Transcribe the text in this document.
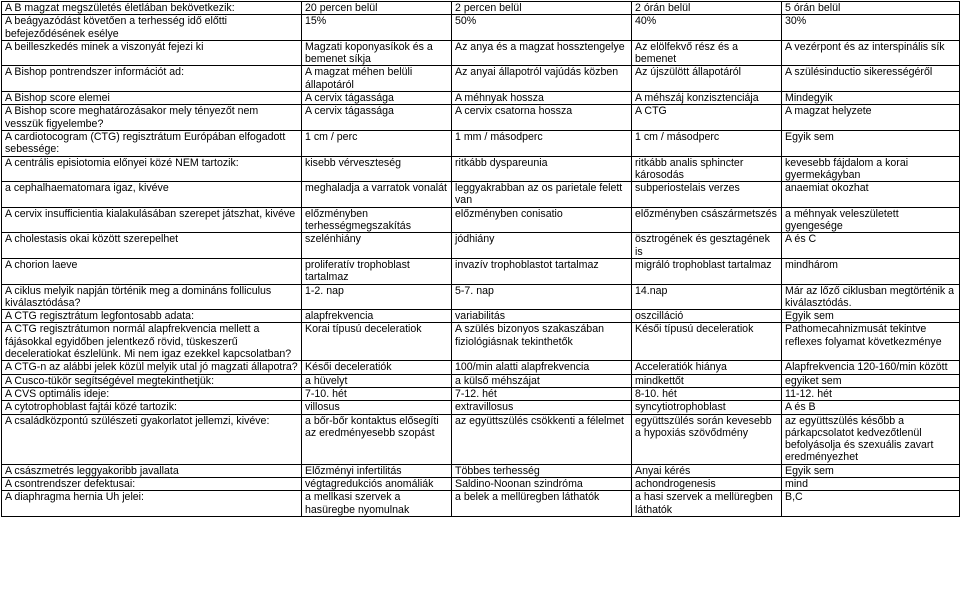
A B magzat megszületés életlában bekövetkezik:	20 percen belül	2 percen belül	2 órán belül	5 órán belül
A beágyazódást követően a terhesség idő előtti befejeződésének esélye	15%	50%	40%	30%
A beilleszkedés minek a viszonyát fejezi ki	Magzati koponyasíkok és a bemenet síkja	Az anya és a magzat hossztengelye	Az elölfekvő rész és a bemenet	A vezérpont és az interspinális sík
A Bishop pontrendszer információt ad:	A magzat méhen belüli állapotáról	Az anyai állapotról vajúdás közben	Az újszülött állapotáról	A szülésinductio sikerességéről
A Bishop score elemei	A cervix tágassága	A méhnyak hossza	A méhszáj konzisztenciája	Mindegyik
A Bishop score meghatározásakor mely tényezőt nem vesszük figyelembe?	A cervix tágassága	A cervix csatorna hossza	A CTG	A magzat helyzete
A cardiotocogram (CTG) regisztrátum Európában elfogadott sebessége:	1 cm / perc	1 mm / másodperc	1 cm / másodperc	Egyik sem
A centrális episiotomia előnyei közé NEM tartozik:	kisebb vérveszteség	ritkább dyspareunia	ritkább analis sphincter károsodás	kevesebb fájdalom a korai gyermekágyban
a cephalhaematomara igaz, kivéve	meghaladja a varratok vonalát	leggyakrabban az os parietale felett van	subperiostelais verzes	anaemiat okozhat
A cervix insufficientia kialakulásában szerepet játszhat, kivéve	előzményben terhességmegszakítás	előzményben conisatio	előzményben császármetszés	a méhnyak veleszületett gyengesége
A cholestasis okai között szerepelhet	szelénhiány	jódhiány	ösztrogének és gesztagének is	A és C
A chorion laeve	proliferatív trophoblast tartalmaz	invazív trophoblastot tartalmaz	migráló trophoblast tartalmaz	mindhárom
A ciklus melyik napján történik meg a domináns folliculus kiválasztódása?	1-2. nap	5-7. nap	14.nap	Már az lőző ciklusban megtörténik a kiválasztódás.
A CTG regisztrátum legfontosabb adata:	alapfrekvencia	variabilitás	oszcilláció	Egyik sem
A CTG regisztrátumon normál alapfrekvencia mellett a fájásokkal egyidőben jelentkező rövid, tüskeszerű deceleratiokat észlelünk. Mi nem igaz ezekkel kapcsolatban?	Korai típusú deceleratiok	A szülés bizonyos szakaszában fiziológiásnak tekinthetők	Késői típusú deceleratiok	Pathomecahnizmusát tekintve reflexes folyamat következménye
A CTG-n az alábbi jelek közül melyik utal jó magzati állapotra?	Késői deceleratiók	100/min alatti alapfrekvencia	Acceleratiók hiánya	Alapfrekvencia 120-160/min között
A Cusco-tükör segítségével megtekinthetjük:	a hüvelyt	a külső méhszájat	mindkettőt	egyiket sem
A CVS optimális ideje:	7-10. hét	7-12. hét	8-10. hét	11-12. hét
A cytotrophoblast fajtái közé tartozik:	villosus	extravillosus	syncytiotrophoblast	A és B
A családközpontú szülészeti gyakorlatot jellemzi, kivéve:	a bőr-bőr kontaktus elősegíti az eredményesebb szopást	az együttszülés csökkenti a félelmet	együttszülés során kevesebb a hypoxiás szövődmény	az együttszülés később a párkapcsolatot kedvezőtlenül befolyásolja és szexuális zavart eredményezhet
A császmetrés leggyakoribb javallata	Előzményi infertilitás	Többes terhesség	Anyai kérés	Egyik sem
A csontrendszer defektusai:	végtagredukciós anomáliák	Saldino-Noonan szindróma	achondrogenesis	mind
A diaphragma hernia Uh jelei:	a mellkasi szervek a hasüregbe nyomulnak	a belek a mellüregben láthatók	a hasi szervek a mellüregben láthatók	B,C
